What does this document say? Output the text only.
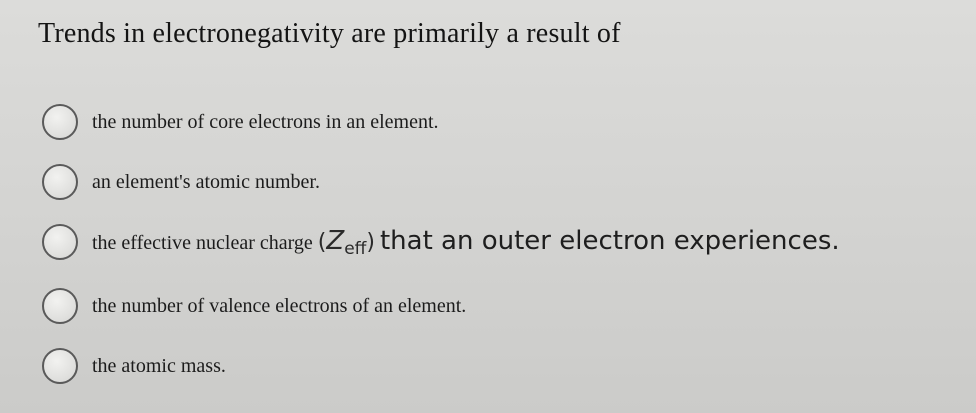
Trends in electronegativity are primarily a result of
the number of core electrons in an element.
an element's atomic number.
the effective nuclear charge $(Z_{eff})$ that an outer electron experiences.
the number of valence electrons of an element.
the atomic mass.
